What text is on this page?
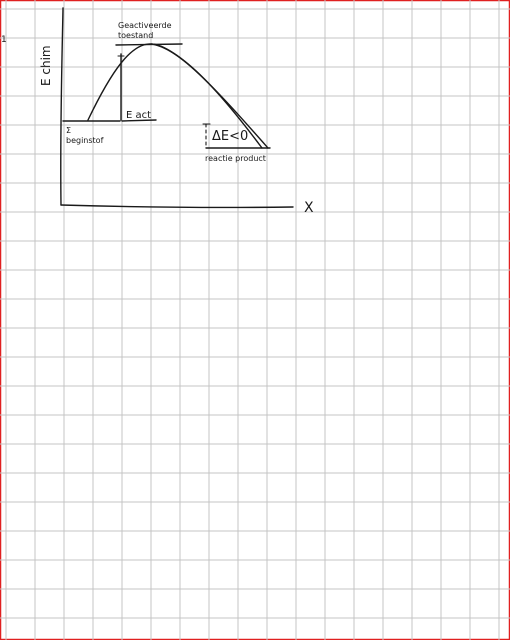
1
E chim
X
Geactiveerde
toestand
E act
Σ
beginstof	ΔE<0
reactie product
